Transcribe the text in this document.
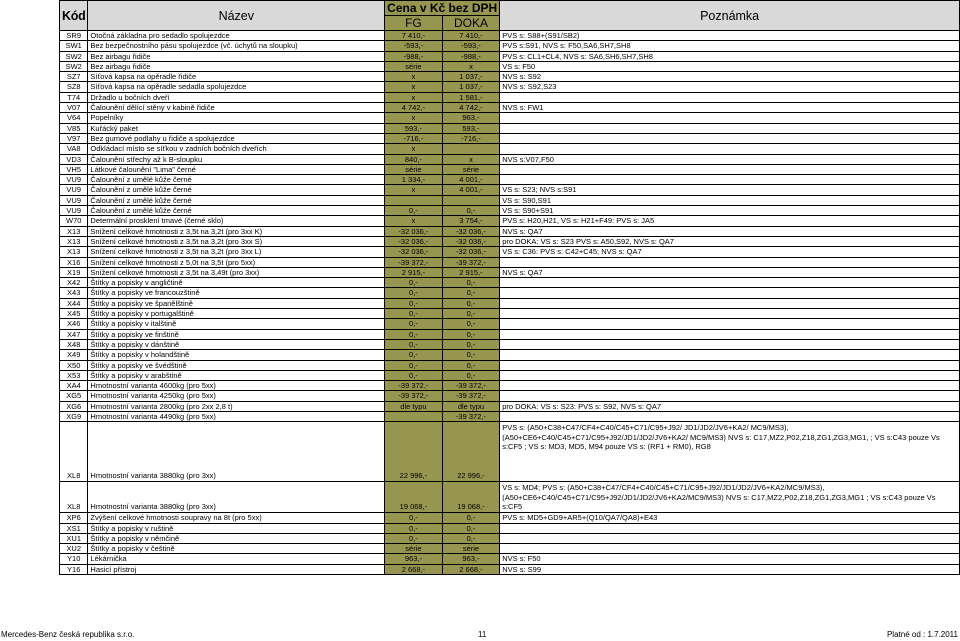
Kód	Název	Cena v Kč bez DPH		Poznámka
		FG	DOKA	
SR9	Otočná základna pro sedadlo spolujezdce	7 410,-	7 410,-	PVS s: S88+(S91/SB2)
SW1	Bez bezpečnostního pásu spolujezdce (vč. úchytů na sloupku)	-593,-	-593,-	PVS s:S91, NVS s: F50,SA6,SH7,SH8
SW2	Bez airbagu řidiče	-988,-	-988,-	PVS s: CL1+CL4, NVS s: SA6,SH6,SH7,SH8
SW2	Bez airbagu řidiče	série	x	VS s: F50
SZ7	Síťová kapsa na opěradle řidiče	x	1 037,-	NVS s: S92
SZ8	Síťová kapsa na opěradle sedadla spolujezdce	x	1 037,-	NVS s: S92,S23
T74	Držadlo u bočních dveří	x	1 581,-	
V07	Čalounění dělící stěny v kabině řidiče	4 742,-	4 742,-	NVS s: FW1
V64	Popelníky	x	963,-	
V85	Kuřácký paket	593,-	593,-	
V97	Bez gumové podlahy u řidiče a spolujezdce	-716,-	-716,-	
VA8	Odkládací místo se síťkou v zadních bočních dveřích	x		
VD3	Čalounění střechy až k B-sloupku	840,-	x	NVS s:V07,F50
VH5	Látkové čalounění "Lima" černé	série	série	
VU9	Čalounění z umělé kůže černé	1 334,-	4 001,-	
VU9	Čalounění z umělé kůže černé	x	4 001,-	VS s: S23; NVS s:S91
VU9	Čalounění z umělé kůže černé			VS s: S90,S91
VU9	Čalounění z umělé kůže černé	0,-	0,-	VS s: S90+S91
W70	Determální prosklení tmavé (černé sklo)	x	3 754,-	PVS s: H20,H21, VS s: H21+F49: PVS s: JA5
X13	Snížení celkové hmotnosti z 3,5t na 3,2t (pro 3xx K)	-32 036,-	-32 036,-	NVS s: QA7
X13	Snížení celkové hmotnosti z 3,5t na 3,2t (pro 3xx S)	-32 036,-	-32 036,-	pro DOKA: VS s: S23 PVS s: A50,S92, NVS s: QA7
X13	Snížení celkové hmotnosti z 3,5t na 3,2t (pro 3xx L)	-32 036,-	-32 036,-	VS s: C36: PVS s: C42+C45; NVS s: QA7
X16	Snížení celkové hmotnosti z 5,0t na 3,5t (pro 5xx)	-39 372,-	-39 372,-	
X19	Snížení celkové hmotnosti z 3,5t na 3,49t (pro 3xx)	2 915,-	2 915,-	NVS s: QA7
X42	Štítky a popisky v angličtině	0,-	0,-	
X43	Štítky a popisky ve francouzštině	0,-	0,-	
X44	Štítky a popisky ve španělštině	0,-	0,-	
X45	Štítky a popisky v portugalštině	0,-	0,-	
X46	Štítky a popisky v italštině	0,-	0,-	
X47	Štítky a popisky ve finštině	0,-	0,-	
X48	Štítky a popisky v dánštině	0,-	0,-	
X49	Štítky a popisky v holandštině	0,-	0,-	
X50	Štítky a popisky ve švédštině	0,-	0,-	
X53	Štítky a popisky v arabštině	0,-	0,-	
XA4	Hmotnostní varianta 4600kg (pro 5xx)	-39 372,-	-39 372,-	
XG5	Hmotnostní varianta 4250kg (pro 5xx)	-39 372,-	-39 372,-	
XG6	Hmotnostní varianta 2800kg (pro 2xx 2,8 t)	dle typu	dle typu	pro DOKA: VS s: S23: PVS s: S92, NVS s: QA7
XG9	Hmotnostní varianta 4490kg (pro 5xx)		-39 372,-	
XL8	Hmotnostní varianta 3880kg (pro 3xx)	22 996,-	22 996,-	PVS s: (A50+C38+C47/CF4+C40/C45+C71/C95+J92/ JD1/JD2/JV6+KA2/ MC9/MS3),(A50+CE6+C40/C45+C71/C95+J92/JD1/JD2/JV6+KA2/ MC9/MS3) NVS s: C17,MZ2,P02,Z18,ZG1,ZG3,MG1, ; VS s:C43 pouze Vs s:CF5 ; VS s: MD3, MD5, M94 pouze VS s: (RF1 + RM0), RG8
XL8	Hmotnostní varianta 3880kg (pro 3xx)	19 068,-	19 068,-	VS s: MD4; PVS s: (A50+C38+C47/CF4+C40/C45+C71/C95+J92/JD1/JD2/JV6+KA2/MC9/MS3),(A50+CE6+C40/C45+C71/C95+J92/JD1/JD2/JV6+KA2/MC9/MS3) NVS s: C17,MZ2,P02,Z18,ZG1,ZG3,MG1 ; VS s:C43 pouze Vs s:CF5
XP6	Zvýšení celkové hmotnosti soupravy na 8t (pro 5xx)	0,-	0,-	PVS s: MD5+GD9+AR5+(Q10/QA7/QA8)+E43
XS1	Štítky a popisky v ruštině	0,-	0,-	
XU1	Štítky a popisky v němčině	0,-	0,-	
XU2	Štítky a popisky v češtině	série	série	
Y10	Lékárnička	963,-	963,-	NVS s: F50
Y16	Hasicí přístroj	2 668,-	2 668,-	NVS s: S99
Mercedes-Benz česká republika s.r.o.	11	Platné od : 1.7.2011
